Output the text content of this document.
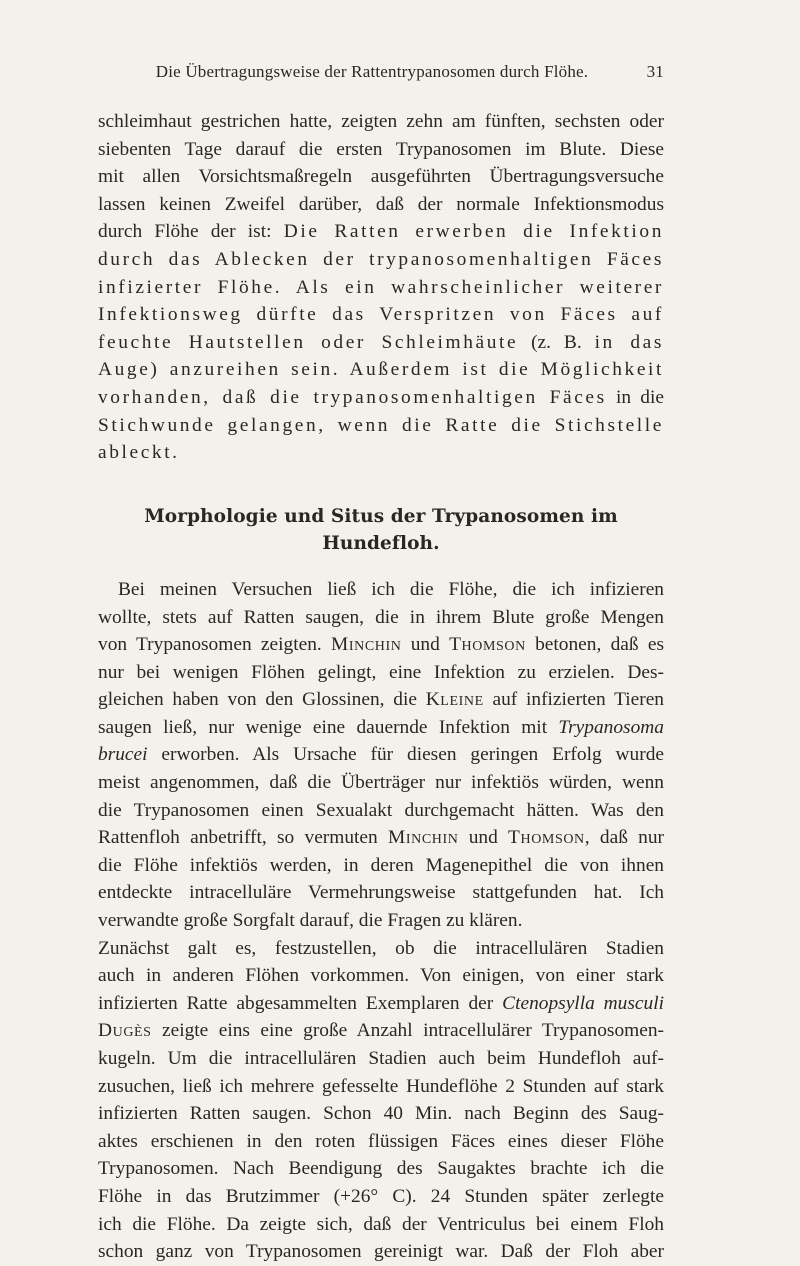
Die Übertragungsweise der Rattentrypanosomen durch Flöhe.	31

schleimhaut gestrichen hatte, zeigten zehn am fünften, sechsten oder
siebenten Tage darauf die ersten Trypanosomen im Blute. Diese
mit allen Vorsichtsmaßregeln ausgeführten Übertragungsversuche
lassen keinen Zweifel darüber, daß der normale Infektionsmodus
durch Flöhe der ist: Die Ratten erwerben die Infektion
durch das Ablecken der trypanosomenhaltigen Fäces
infizierter Flöhe. Als ein wahrscheinlicher weiterer
Infektionsweg dürfte das Verspritzen von Fäces auf
feuchte Hautstellen oder Schleimhäute (z. B. in das
Auge) anzureihen sein. Außerdem ist die Möglichkeit
vorhanden, daß die trypanosomenhaltigen Fäces in die
Stichwunde gelangen, wenn die Ratte die Stichstelle
ableckt.

Morphologie und Situs der Trypanosomen im Hundefloh.

Bei meinen Versuchen ließ ich die Flöhe, die ich infizieren
wollte, stets auf Ratten saugen, die in ihrem Blute große Mengen
von Trypanosomen zeigten. Minchin und Thomson betonen, daß es
nur bei wenigen Flöhen gelingt, eine Infektion zu erzielen. Des-
gleichen haben von den Glossinen, die Kleine auf infizierten Tieren
saugen ließ, nur wenige eine dauernde Infektion mit Trypanosoma
brucei erworben. Als Ursache für diesen geringen Erfolg wurde
meist angenommen, daß die Überträger nur infektiös würden, wenn
die Trypanosomen einen Sexualakt durchgemacht hätten. Was den
Rattenfloh anbetrifft, so vermuten Minchin und Thomson, daß nur
die Flöhe infektiös werden, in deren Magenepithel die von ihnen
entdeckte intracelluläre Vermehrungsweise stattgefunden hat. Ich
verwandte große Sorgfalt darauf, die Fragen zu klären.
Zunächst galt es, festzustellen, ob die intracellulären Stadien
auch in anderen Flöhen vorkommen. Von einigen, von einer stark
infizierten Ratte abgesammelten Exemplaren der Ctenopsylla musculi
Dugès zeigte eins eine große Anzahl intracellulärer Trypanosomen-
kugeln. Um die intracellulären Stadien auch beim Hundefloh auf-
zusuchen, ließ ich mehrere gefesselte Hundeflöhe 2 Stunden auf stark
infizierten Ratten saugen. Schon 40 Min. nach Beginn des Saug-
aktes erschienen in den roten flüssigen Fäces eines dieser Flöhe
Trypanosomen. Nach Beendigung des Saugaktes brachte ich die
Flöhe in das Brutzimmer (+26° C). 24 Stunden später zerlegte
ich die Flöhe. Da zeigte sich, daß der Ventriculus bei einem Floh
schon ganz von Trypanosomen gereinigt war. Daß der Floh aber
